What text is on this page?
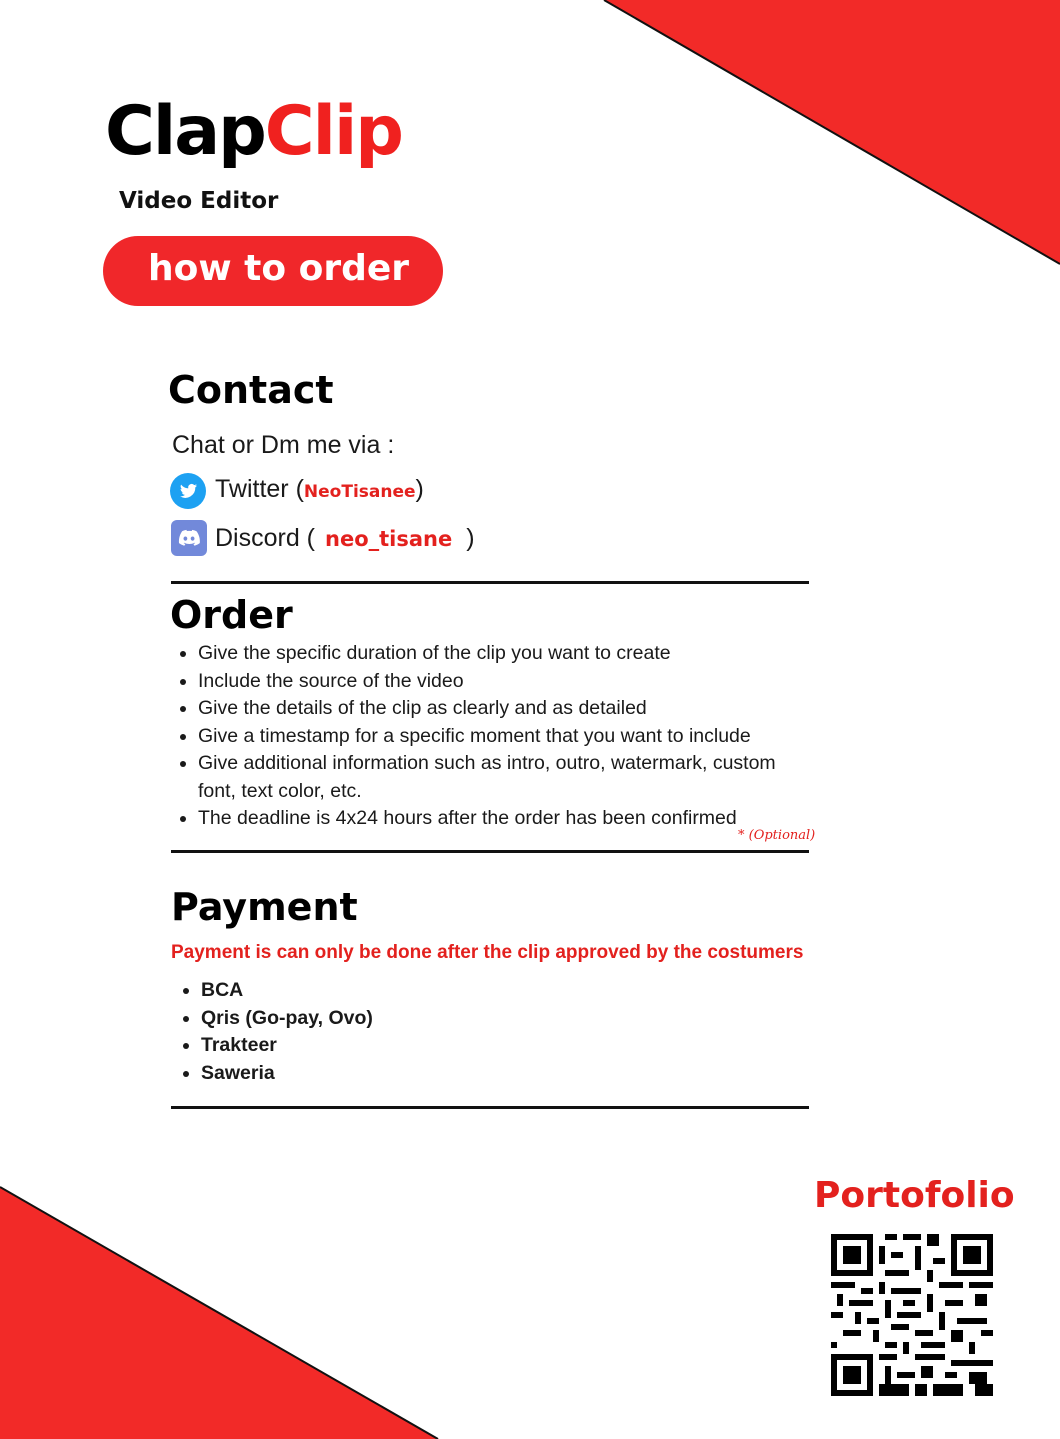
ClapClip
Video Editor
how to order
Contact
Chat or Dm me via :
Twitter (NeoTisanee)
Discord ( neo_tisane )
Order
• Give the specific duration of the clip you want to create
• Include the source of the video
• Give the details of the clip as clearly and as detailed
• Give a timestamp for a specific moment that you want to include
• Give additional information such as intro, outro, watermark, custom font, text color, etc.
• The deadline is 4x24 hours after the order has been confirmed
* (Optional)
Payment
Payment is can only be done after the clip approved by the costumers
• BCA
• Qris (Go-pay, Ovo)
• Trakteer
• Saweria
Portofolio
